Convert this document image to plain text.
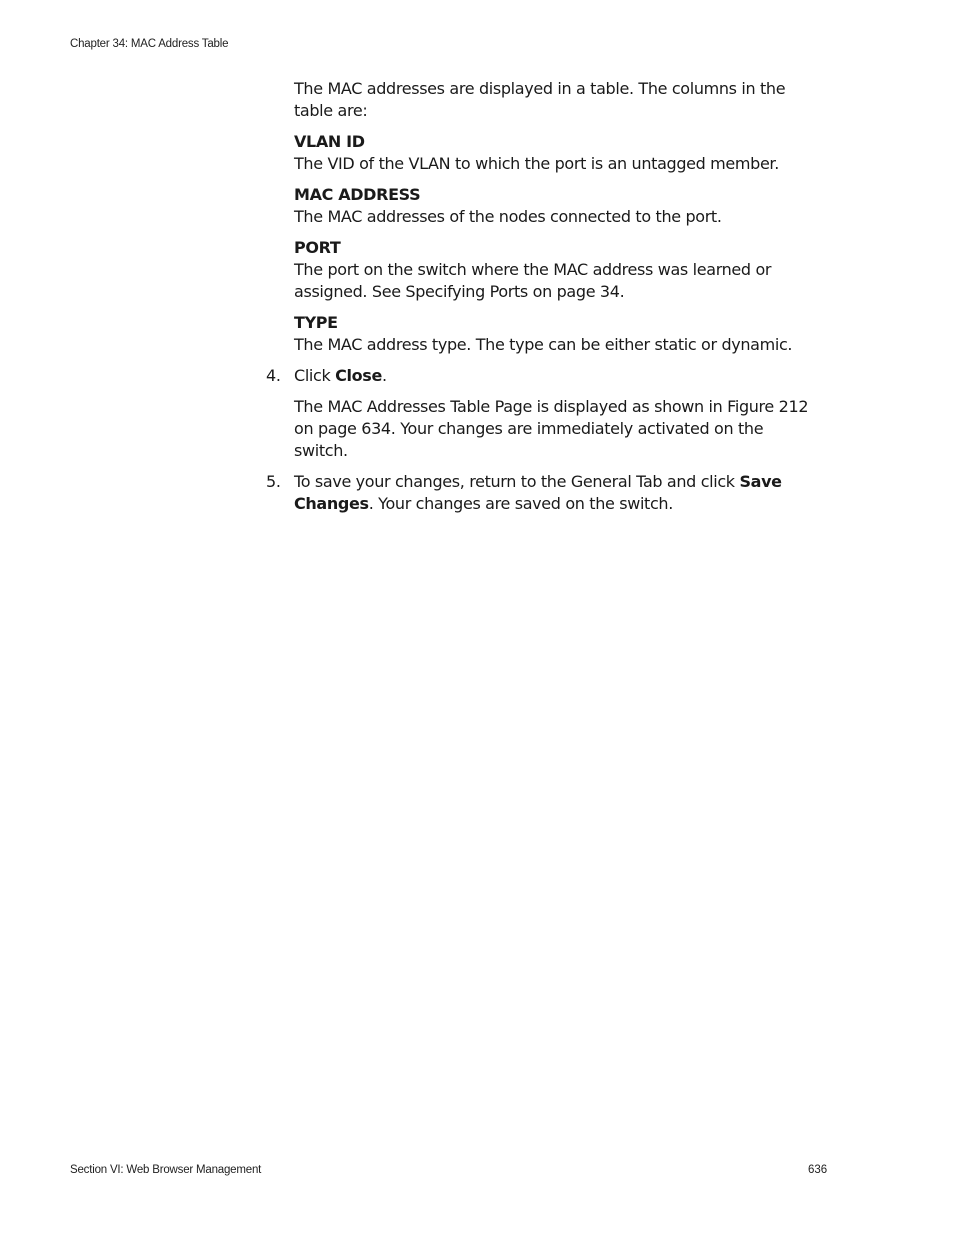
Chapter 34: MAC Address Table

The MAC addresses are displayed in a table. The columns in the table are:

VLAN ID

The VID of the VLAN to which the port is an untagged member.

MAC ADDRESS

The MAC addresses of the nodes connected to the port.

PORT

The port on the switch where the MAC address was learned or assigned. See Specifying Ports on page 34.

TYPE

The MAC address type. The type can be either static or dynamic.

4. Click Close.

The MAC Addresses Table Page is displayed as shown in Figure 212 on page 634. Your changes are immediately activated on the switch.

5. To save your changes, return to the General Tab and click Save Changes. Your changes are saved on the switch.
Section VI: Web Browser Management	636
